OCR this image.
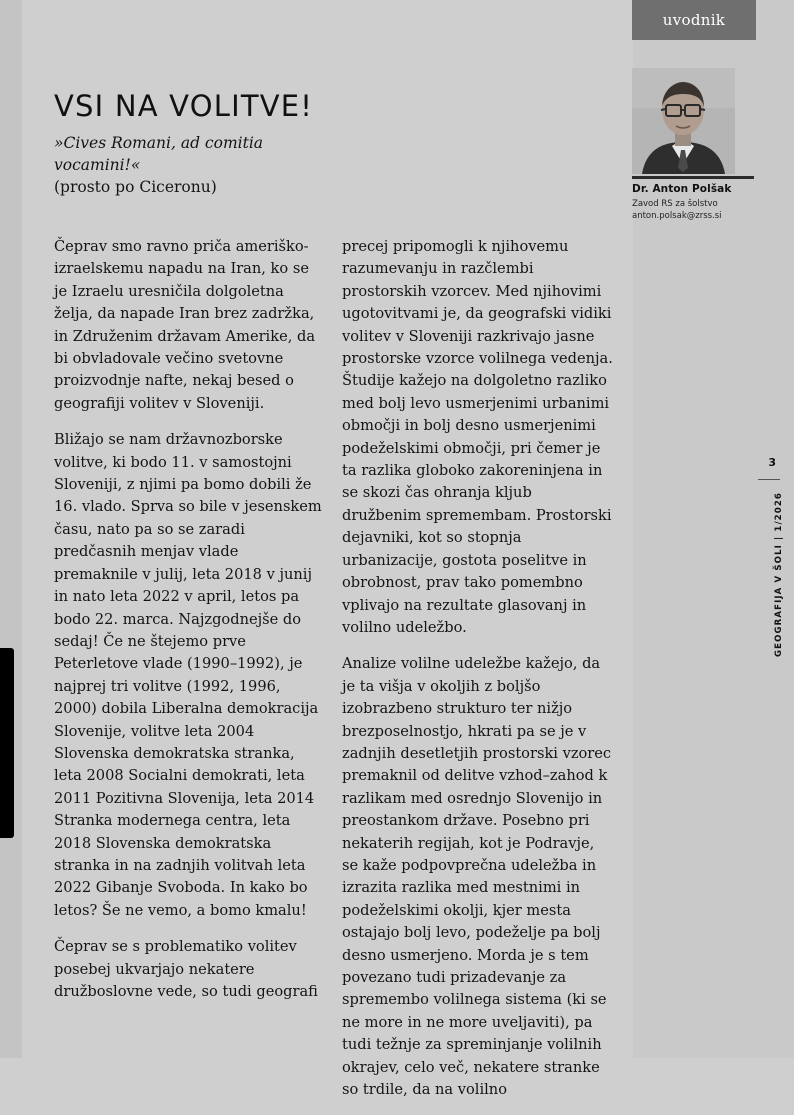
uvodnik
VSI NA VOLITVE!
»Cives Romani, ad comitia vocamini!«
(prosto po Ciceronu)	Dr. Anton Polšak
Zavod RS za šolstvo
anton.polsak@zrss.si

Čeprav smo ravno priča ameriško-izraelskemu napadu na Iran, ko se je Izraelu uresničila dolgoletna želja, da napade Iran brez zadržka, in Združenim državam Amerike, da bi obvladovale večino svetovne proizvodnje nafte, nekaj besed o geografiji volitev v Sloveniji.

Bližajo se nam državnozborske volitve, ki bodo 11. v samostojni Sloveniji, z njimi pa bomo dobili že 16. vlado. Sprva so bile v jesenskem času, nato pa so se zaradi predčasnih menjav vlade premaknile v julij, leta 2018 v junij in nato leta 2022 v april, letos pa bodo 22. marca. Najzgodnejše do sedaj! Če ne štejemo prve Peterletove vlade (1990–1992), je najprej tri volitve (1992, 1996, 2000) dobila Liberalna demokracija Slovenije, volitve leta 2004 Slovenska demokratska stranka, leta 2008 Socialni demokrati, leta 2011 Pozitivna Slovenija, leta 2014 Stranka modernega centra, leta 2018 Slovenska demokratska stranka in na zadnjih volitvah leta 2022 Gibanje Svoboda. In kako bo letos? Še ne vemo, a bomo kmalu!

Čeprav se s problematiko volitev posebej ukvarjajo nekatere družboslovne vede, so tudi geografi

precej pripomogli k njihovemu razumevanju in razčlembi prostorskih vzorcev. Med njihovimi ugotovitvami je, da geografski vidiki volitev v Sloveniji razkrivajo jasne prostorske vzorce volilnega vedenja. Študije kažejo na dolgoletno razliko med bolj levo usmerjenimi urbanimi območji in bolj desno usmerjenimi podeželskimi območji, pri čemer je ta razlika globoko zakoreninjena in se skozi čas ohranja kljub družbenim spremembam. Prostorski dejavniki, kot so stopnja urbanizacije, gostota poselitve in obrobnost, prav tako pomembno vplivajo na rezultate glasovanj in volilno udeležbo.

Analize volilne udeležbe kažejo, da je ta višja v okoljih z boljšo izobrazbeno strukturo ter nižjo brezposelnostjo, hkrati pa se je v zadnjih desetletjih prostorski vzorec premaknil od delitve vzhod–zahod k razlikam med osrednjo Slovenijo in preostankom države. Posebno pri nekaterih regijah, kot je Podravje, se kaže podpovprečna udeležba in izrazita razlika med mestnimi in podeželskimi okolji, kjer mesta ostajajo bolj levo, podeželje pa bolj desno usmerjeno. Morda je s tem povezano tudi prizadevanje za spremembo volilnega sistema (ki se ne more in ne more uveljaviti), pa tudi težnje za spreminjanje volilnih okrajev, celo več, nekatere stranke so trdile, da na volilno

3
GEOGRAFIJA V ŠOLI | 1/2026
